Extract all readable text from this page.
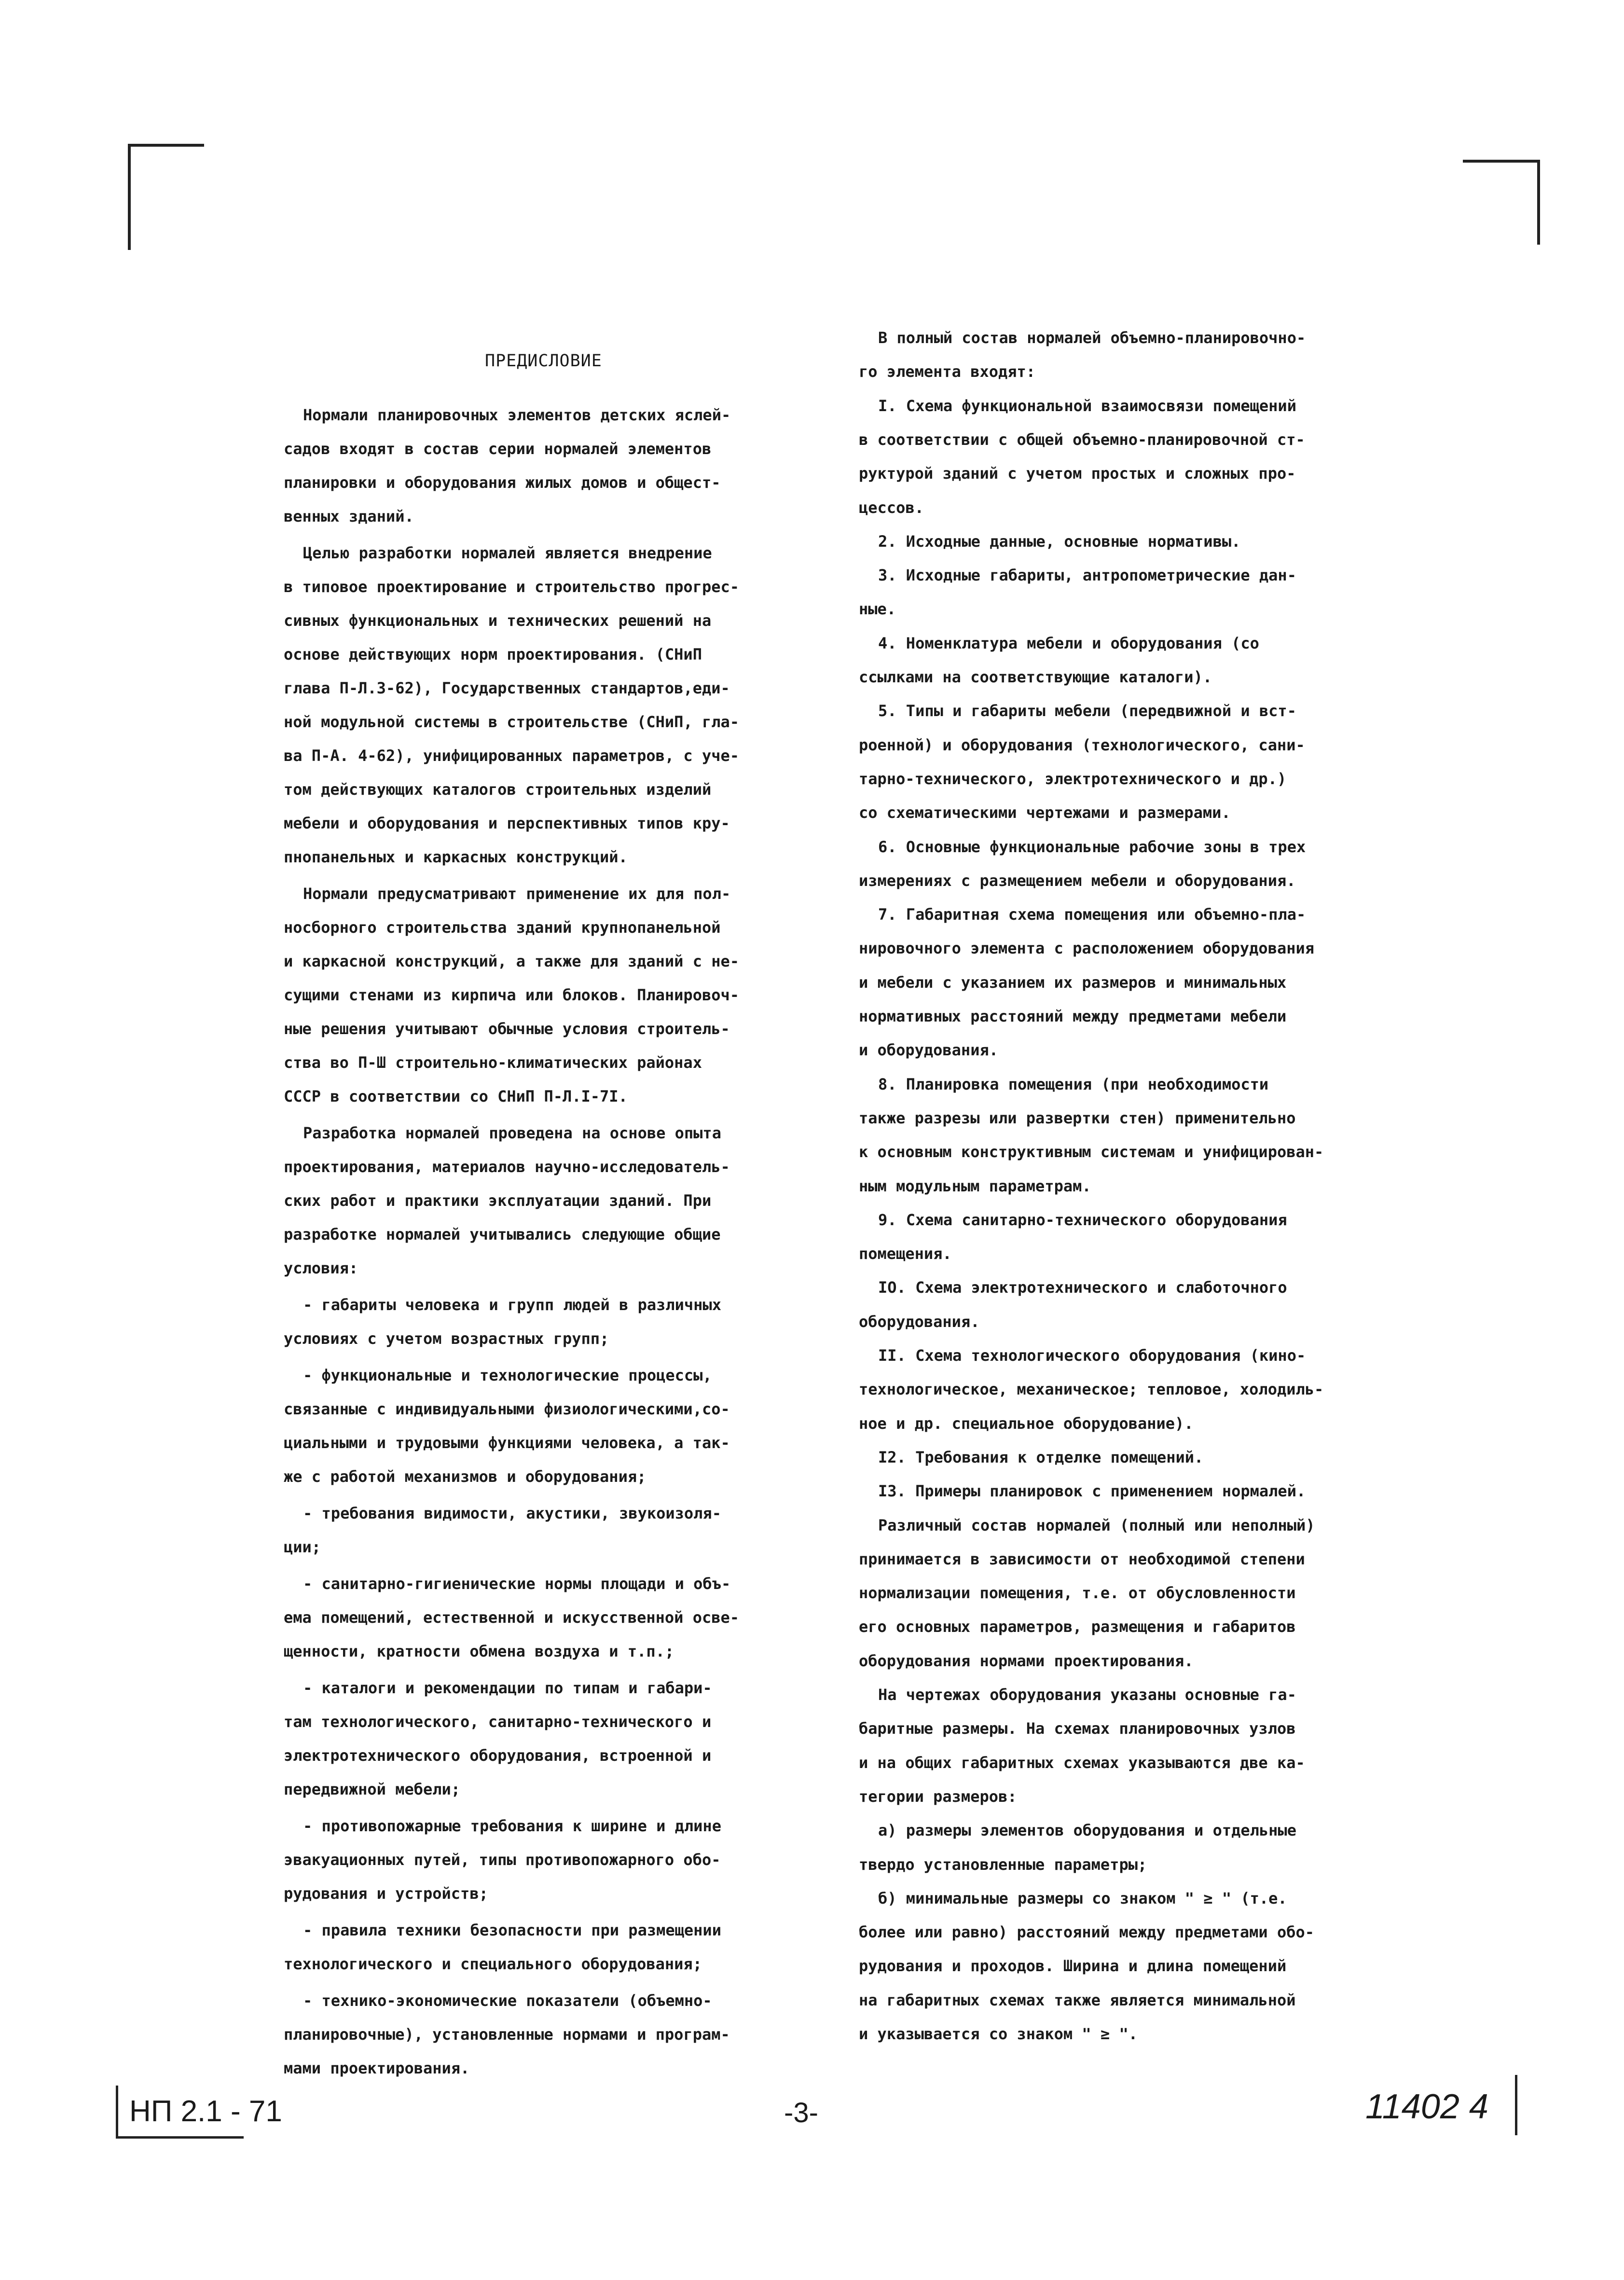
ПРЕДИСЛОВИЕ
Нормали планировочных элементов детских яслей-
садов входят в состав серии нормалей элементов
планировки и оборудования жилых домов и общест-
венных зданий.
Целью разработки нормалей является внедрение
в типовое проектирование и строительство прогрес-
сивных функциональных и технических решений на
основе действующих норм проектирования. (СНиП
глава П-Л.3-62), Государственных стандартов,еди-
ной модульной системы в строительстве (СНиП, гла-
ва П-А. 4-62), унифицированных параметров, с уче-
том действующих каталогов строительных изделий
мебели и оборудования и перспективных типов кру-
пнопанельных и каркасных конструкций.
Нормали предусматривают применение их для пол-
носборного строительства зданий крупнопанельной
и каркасной конструкций, а также для зданий с не-
сущими стенами из кирпича или блоков. Планировоч-
ные решения учитывают обычные условия строитель-
ства во П-Ш строительно-климатических районах
СССР в соответствии со СНиП П-Л.I-7I.
Разработка нормалей проведена на основе опыта
проектирования, материалов научно-исследователь-
ских работ и практики эксплуатации зданий. При
разработке нормалей учитывались следующие общие
условия:
- габариты человека и групп людей в различных
условиях с учетом возрастных групп;
- функциональные и технологические процессы,
связанные с индивидуальными физиологическими,со-
циальными и трудовыми функциями человека, а так-
же с работой механизмов и оборудования;
- требования видимости, акустики, звукоизоля-
ции;
- санитарно-гигиенические нормы площади и объ-
ема помещений, естественной и искусственной осве-
щенности, кратности обмена воздуха и т.п.;
- каталоги и рекомендации по типам и габари-
там технологического, санитарно-технического и
электротехнического оборудования, встроенной и
передвижной мебели;
- противопожарные требования к ширине и длине
эвакуационных путей, типы противопожарного обо-
рудования и устройств;
- правила техники безопасности при размещении
технологического и специального оборудования;
- технико-экономические показатели (объемно-
планировочные), установленные нормами и програм-
мами проектирования.
В полный состав нормалей объемно-планировочно-
го элемента входят:
I. Схема функциональной взаимосвязи помещений
в соответствии с общей объемно-планировочной ст-
руктурой зданий с учетом простых и сложных про-
цессов.
2. Исходные данные, основные нормативы.
3. Исходные габариты, антропометрические дан-
ные.
4. Номенклатура мебели и оборудования (со
ссылками на соответствующие каталоги).
5. Типы и габариты мебели (передвижной и вст-
роенной) и оборудования (технологического, сани-
тарно-технического, электротехнического и др.)
со схематическими чертежами и размерами.
6. Основные функциональные рабочие зоны в трех
измерениях с размещением мебели и оборудования.
7. Габаритная схема помещения или объемно-пла-
нировочного элемента с расположением оборудования
и мебели с указанием их размеров и минимальных
нормативных расстояний между предметами мебели
и оборудования.
8. Планировка помещения (при необходимости
также разрезы или развертки стен) применительно
к основным конструктивным системам и унифицирован-
ным модульным параметрам.
9. Схема санитарно-технического оборудования
помещения.
IO. Схема электротехнического и слаботочного
оборудования.
II. Схема технологического оборудования (кино-
технологическое, механическое; тепловое, холодиль-
ное и др. специальное оборудование).
I2. Требования к отделке помещений.
I3. Примеры планировок с применением нормалей.
Различный состав нормалей (полный или неполный)
принимается в зависимости от необходимой степени
нормализации помещения, т.е. от обусловленности
его основных параметров, размещения и габаритов
оборудования нормами проектирования.
На чертежах оборудования указаны основные га-
баритные размеры. На схемах планировочных узлов
и на общих габаритных схемах указываются две ка-
тегории размеров:
а) размеры элементов оборудования и отдельные
твердо установленные параметры;
б) минимальные размеры со знаком " ≥ " (т.е.
более или равно) расстояний между предметами обо-
рудования и проходов. Ширина и длина помещений
на габаритных схемах также является минимальной
и указывается со знаком " ≥ ".
НП 2.1 - 71	-3-	11402 4
